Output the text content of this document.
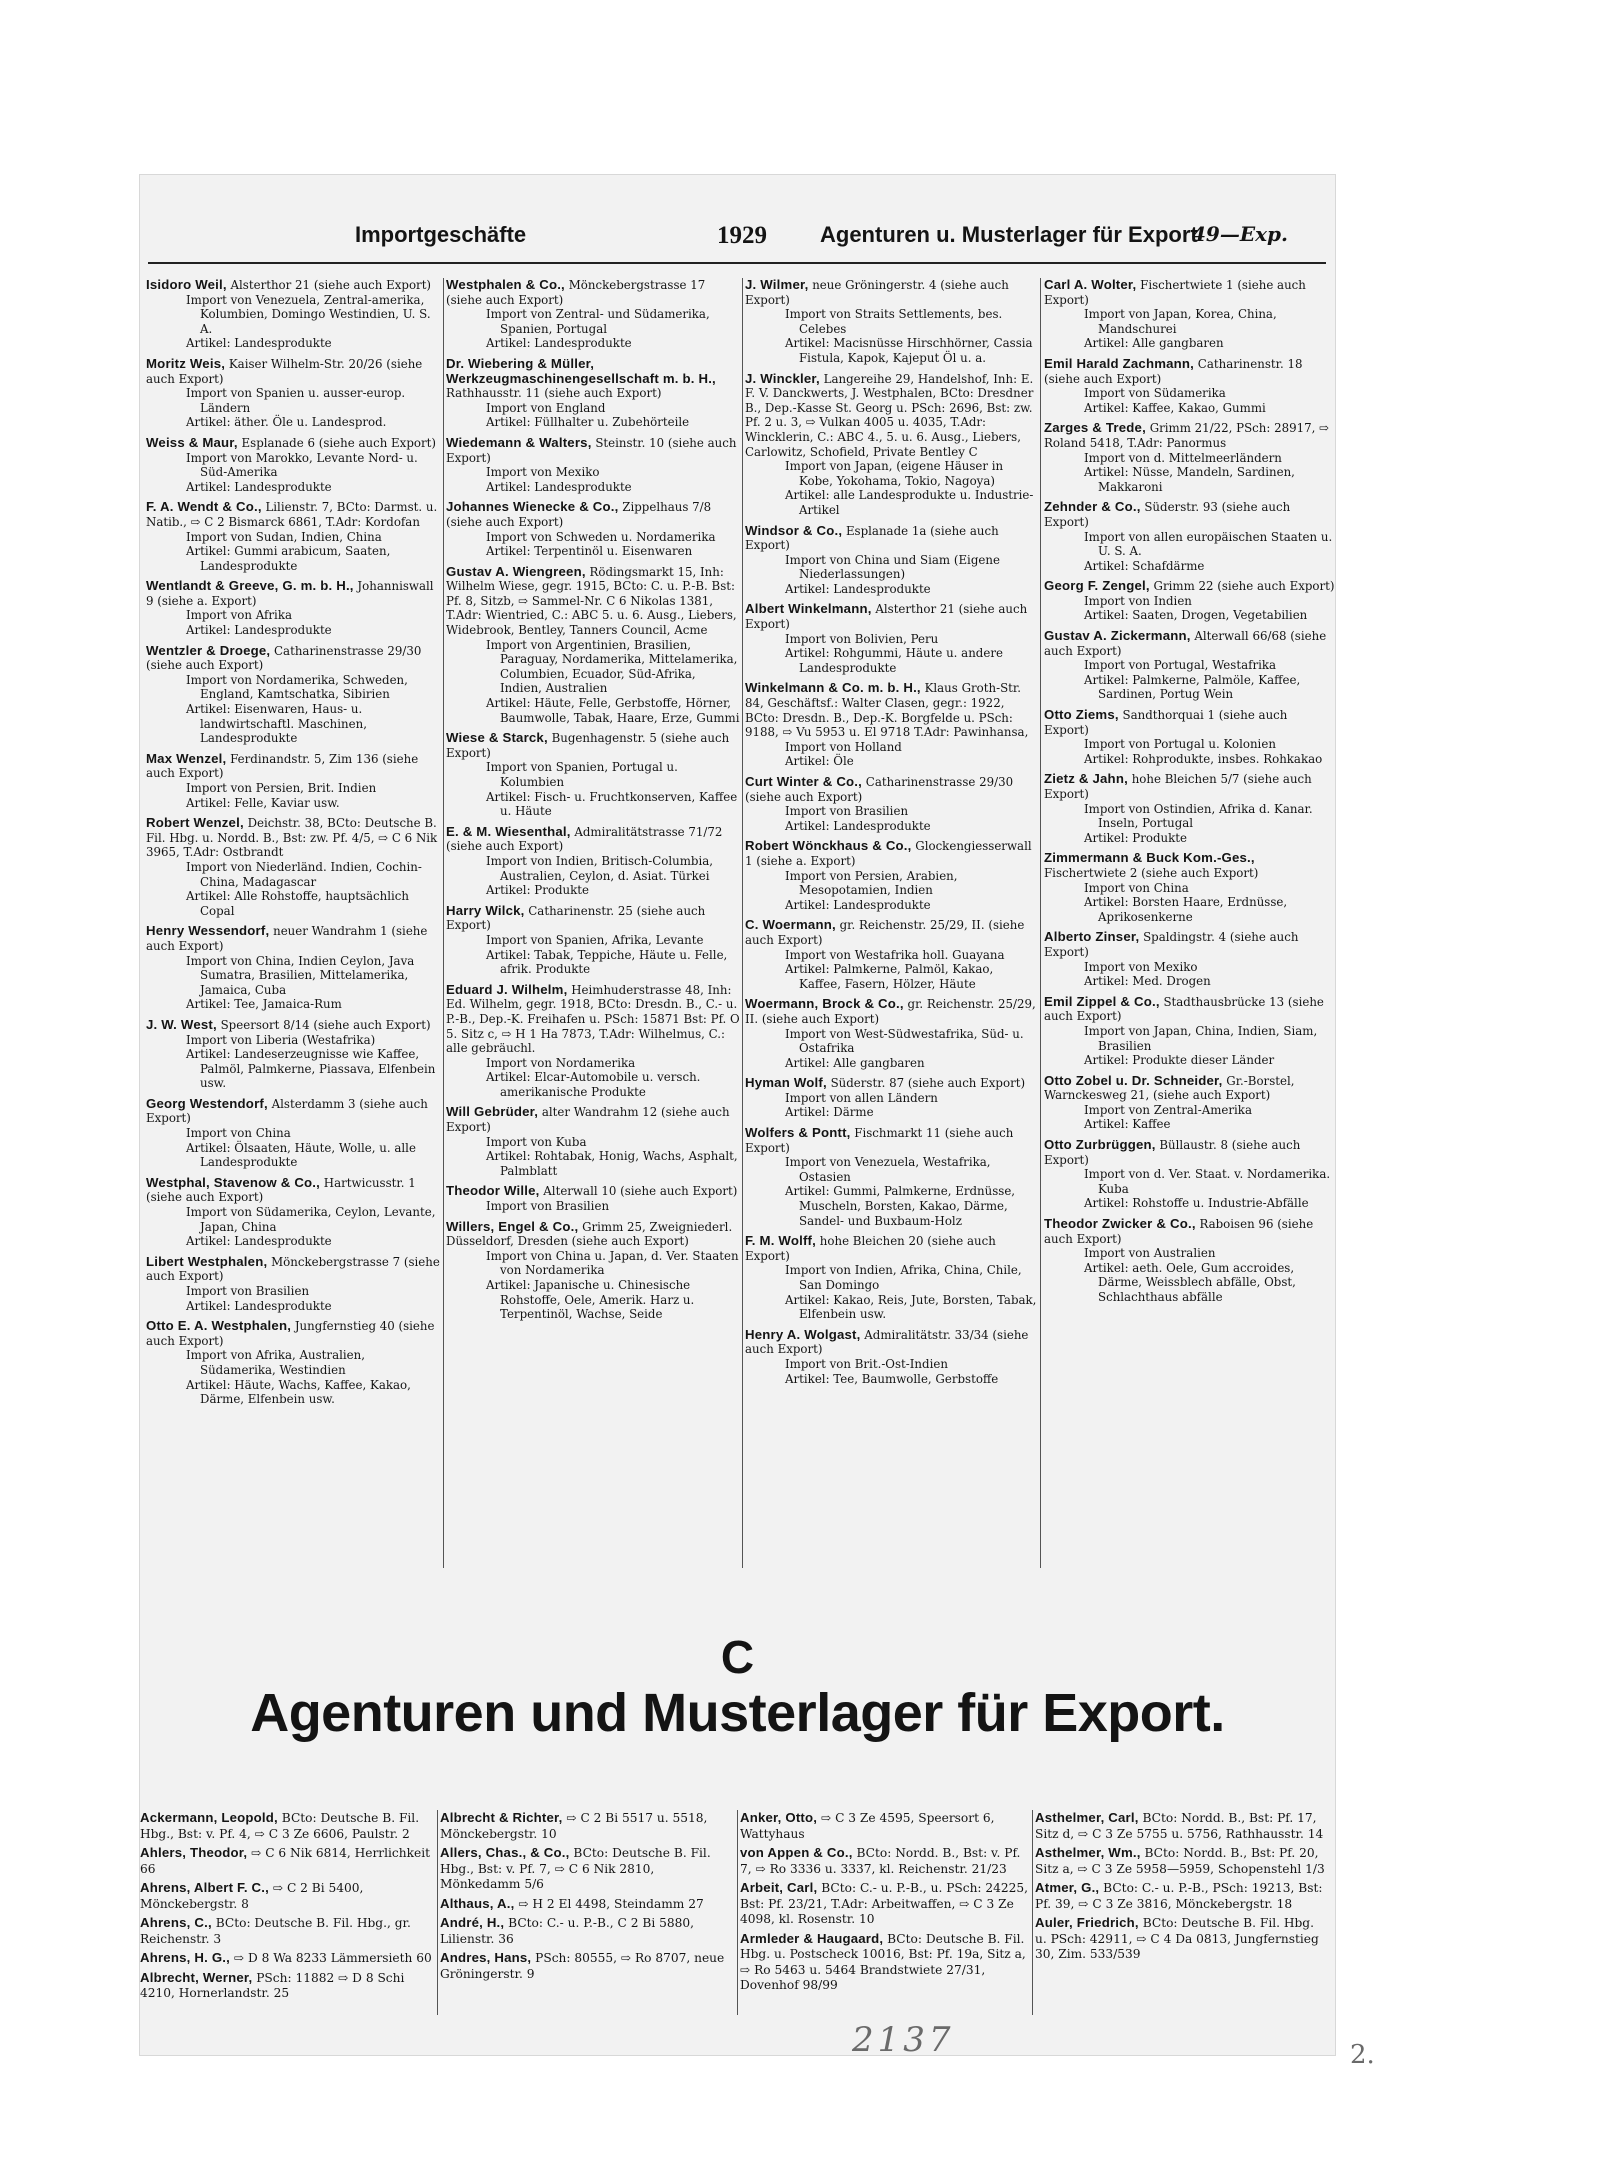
Importgeschäfte	1929 Agenturen u. Musterlager für Export
49—Exp.
Isidoro Weil, Alsterthor 21 (siehe auch Export)
Import von Venezuela, Zentral-amerika, Kolumbien, Domingo Westindien, U. S. A.
Artikel: Landesprodukte
Moritz Weis, Kaiser Wilhelm-Str. 20/26 (siehe auch Export)
Import von Spanien u. ausser-europ. Ländern
Artikel: äther. Öle u. Landesprod.
Weiss & Maur, Esplanade 6 (siehe auch Export)
Import von Marokko, Levante Nord- u. Süd-Amerika
Artikel: Landesprodukte
F. A. Wendt & Co., Lilienstr. 7, BCto: Darmst. u. Natib., ⇨ C 2 Bismarck 6861, T.Adr: Kordofan
Import von Sudan, Indien, China
Artikel: Gummi arabicum, Saaten, Landesprodukte
Wentlandt & Greeve, G. m. b. H., Johanniswall 9 (siehe a. Export)
Import von Afrika
Artikel: Landesprodukte
Wentzler & Droege, Catharinenstrasse 29/30 (siehe auch Export)
Import von Nordamerika, Schweden, England, Kamtschatka, Sibirien
Artikel: Eisenwaren, Haus- u. landwirtschaftl. Maschinen, Landesprodukte
Max Wenzel, Ferdinandstr. 5, Zim 136 (siehe auch Export)
Import von Persien, Brit. Indien
Artikel: Felle, Kaviar usw.
Robert Wenzel, Deichstr. 38, BCto: Deutsche B. Fil. Hbg. u. Nordd. B., Bst: zw. Pf. 4/5, ⇨ C 6 Nik 3965, T.Adr: Ostbrandt
Import von Niederländ. Indien, Cochin-China, Madagascar
Artikel: Alle Rohstoffe, hauptsächlich Copal
Henry Wessendorf, neuer Wandrahm 1 (siehe auch Export)
Import von China, Indien Ceylon, Java Sumatra, Brasilien, Mittelamerika, Jamaica, Cuba
Artikel: Tee, Jamaica-Rum
J. W. West, Speersort 8/14 (siehe auch Export)
Import von Liberia (Westafrika)
Artikel: Landeserzeugnisse wie Kaffee, Palmöl, Palmkerne, Piassava, Elfenbein usw.
Georg Westendorf, Alsterdamm 3 (siehe auch Export)
Import von China
Artikel: Ölsaaten, Häute, Wolle, u. alle Landesprodukte
Westphal, Stavenow & Co., Hartwicusstr. 1 (siehe auch Export)
Import von Südamerika, Ceylon, Levante, Japan, China
Artikel: Landesprodukte
Libert Westphalen, Mönckebergstrasse 7 (siehe auch Export)
Import von Brasilien
Artikel: Landesprodukte
Otto E. A. Westphalen, Jungfernstieg 40 (siehe auch Export)
Import von Afrika, Australien, Südamerika, Westindien
Artikel: Häute, Wachs, Kaffee, Kakao, Därme, Elfenbein usw.
Westphalen & Co., Mönckebergstrasse 17 (siehe auch Export)
Import von Zentral- und Südamerika, Spanien, Portugal
Artikel: Landesprodukte
Dr. Wiebering & Müller, Werkzeugmaschinengesellschaft m. b. H., Rathhausstr. 11 (siehe auch Export)
Import von England
Artikel: Füllhalter u. Zubehörteile
Wiedemann & Walters, Steinstr. 10 (siehe auch Export)
Import von Mexiko
Artikel: Landesprodukte
Johannes Wienecke & Co., Zippelhaus 7/8 (siehe auch Export)
Import von Schweden u. Nordamerika
Artikel: Terpentinöl u. Eisenwaren
Gustav A. Wiengreen, Rödingsmarkt 15, Inh: Wilhelm Wiese, gegr. 1915, BCto: C. u. P.-B. Bst: Pf. 8, Sitzb, ⇨ Sammel-Nr. C 6 Nikolas 1381, T.Adr: Wientried, C.: ABC 5. u. 6. Ausg., Liebers, Widebrook, Bentley, Tanners Council, Acme
Import von Argentinien, Brasilien, Paraguay, Nordamerika, Mittelamerika, Columbien, Ecuador, Süd-Afrika, Indien, Australien
Artikel: Häute, Felle, Gerbstoffe, Hörner, Baumwolle, Tabak, Haare, Erze, Gummi
Wiese & Starck, Bugenhagenstr. 5 (siehe auch Export)
Import von Spanien, Portugal u. Kolumbien
Artikel: Fisch- u. Fruchtkonserven, Kaffee u. Häute
E. & M. Wiesenthal, Admiralitätstrasse 71/72 (siehe auch Export)
Import von Indien, Britisch-Columbia, Australien, Ceylon, d. Asiat. Türkei
Artikel: Produkte
Harry Wilck, Catharinenstr. 25 (siehe auch Export)
Import von Spanien, Afrika, Levante
Artikel: Tabak, Teppiche, Häute u. Felle, afrik. Produkte
Eduard J. Wilhelm, Heimhuderstrasse 48, Inh: Ed. Wilhelm, gegr. 1918, BCto: Dresdn. B., C.- u. P.-B., Dep.-K. Freihafen u. PSch: 15871 Bst: Pf. O 5. Sitz c, ⇨ H 1 Ha 7873, T.Adr: Wilhelmus, C.: alle gebräuchl.
Import von Nordamerika
Artikel: Elcar-Automobile u. versch. amerikanische Produkte
Will Gebrüder, alter Wandrahm 12 (siehe auch Export)
Import von Kuba
Artikel: Rohtabak, Honig, Wachs, Asphalt, Palmblatt
Theodor Wille, Alterwall 10 (siehe auch Export)
Import von Brasilien
Willers, Engel & Co., Grimm 25, Zweigniederl. Düsseldorf, Dresden (siehe auch Export)
Import von China u. Japan, d. Ver. Staaten von Nordamerika
Artikel: Japanische u. Chinesische Rohstoffe, Oele, Amerik. Harz u. Terpentinöl, Wachse, Seide
J. Wilmer, neue Gröningerstr. 4 (siehe auch Export)
Import von Straits Settlements, bes. Celebes
Artikel: Macisnüsse Hirschhörner, Cassia Fistula, Kapok, Kajeput Öl u. a.
J. Winckler, Langereihe 29, Handelshof, Inh: E. F. V. Danckwerts, J. Westphalen, BCto: Dresdner B., Dep.-Kasse St. Georg u. PSch: 2696, Bst: zw. Pf. 2 u. 3, ⇨ Vulkan 4005 u. 4035, T.Adr: Wincklerin, C.: ABC 4., 5. u. 6. Ausg., Liebers, Carlowitz, Schofield, Private Bentley C
Import von Japan, (eigene Häuser in Kobe, Yokohama, Tokio, Nagoya)
Artikel: alle Landesprodukte u. Industrie-Artikel
Windsor & Co., Esplanade 1a (siehe auch Export)
Import von China und Siam (Eigene Niederlassungen)
Artikel: Landesprodukte
Albert Winkelmann, Alsterthor 21 (siehe auch Export)
Import von Bolivien, Peru
Artikel: Rohgummi, Häute u. andere Landesprodukte
Winkelmann & Co. m. b. H., Klaus Groth-Str. 84, Geschäftsf.: Walter Clasen, gegr.: 1922, BCto: Dresdn. B., Dep.-K. Borgfelde u. PSch: 9188, ⇨ Vu 5953 u. El 9718 T.Adr: Pawinhansa,
Import von Holland
Artikel: Öle
Curt Winter & Co., Catharinenstrasse 29/30 (siehe auch Export)
Import von Brasilien
Artikel: Landesprodukte
Robert Wönckhaus & Co., Glockengiesserwall 1 (siehe a. Export)
Import von Persien, Arabien, Mesopotamien, Indien
Artikel: Landesprodukte
C. Woermann, gr. Reichenstr. 25/29, II. (siehe auch Export)
Import von Westafrika holl. Guayana
Artikel: Palmkerne, Palmöl, Kakao, Kaffee, Fasern, Hölzer, Häute
Woermann, Brock & Co., gr. Reichenstr. 25/29, II. (siehe auch Export)
Import von West-Südwestafrika, Süd- u. Ostafrika
Artikel: Alle gangbaren
Hyman Wolf, Süderstr. 87 (siehe auch Export)
Import von allen Ländern
Artikel: Därme
Wolfers & Pontt, Fischmarkt 11 (siehe auch Export)
Import von Venezuela, Westafrika, Ostasien
Artikel: Gummi, Palmkerne, Erdnüsse, Muscheln, Borsten, Kakao, Därme, Sandel- und Buxbaum-Holz
F. M. Wolff, hohe Bleichen 20 (siehe auch Export)
Import von Indien, Afrika, China, Chile, San Domingo
Artikel: Kakao, Reis, Jute, Borsten, Tabak, Elfenbein usw.
Henry A. Wolgast, Admiralitätstr. 33/34 (siehe auch Export)
Import von Brit.-Ost-Indien
Artikel: Tee, Baumwolle, Gerbstoffe
Carl A. Wolter, Fischertwiete 1 (siehe auch Export)
Import von Japan, Korea, China, Mandschurei
Artikel: Alle gangbaren
Emil Harald Zachmann, Catharinenstr. 18 (siehe auch Export)
Import von Südamerika
Artikel: Kaffee, Kakao, Gummi
Zarges & Trede, Grimm 21/22, PSch: 28917, ⇨ Roland 5418, T.Adr: Panormus
Import von d. Mittelmeerländern
Artikel: Nüsse, Mandeln, Sardinen, Makkaroni
Zehnder & Co., Süderstr. 93 (siehe auch Export)
Import von allen europäischen Staaten u. U. S. A.
Artikel: Schafdärme
Georg F. Zengel, Grimm 22 (siehe auch Export)
Import von Indien
Artikel: Saaten, Drogen, Vegetabilien
Gustav A. Zickermann, Alterwall 66/68 (siehe auch Export)
Import von Portugal, Westafrika
Artikel: Palmkerne, Palmöle, Kaffee, Sardinen, Portug Wein
Otto Ziems, Sandthorquai 1 (siehe auch Export)
Import von Portugal u. Kolonien
Artikel: Rohprodukte, insbes. Rohkakao
Zietz & Jahn, hohe Bleichen 5/7 (siehe auch Export)
Import von Ostindien, Afrika d. Kanar. Inseln, Portugal
Artikel: Produkte
Zimmermann & Buck Kom.-Ges., Fischertwiete 2 (siehe auch Export)
Import von China
Artikel: Borsten Haare, Erdnüsse, Aprikosenkerne
Alberto Zinser, Spaldingstr. 4 (siehe auch Export)
Import von Mexiko
Artikel: Med. Drogen
Emil Zippel & Co., Stadthausbrücke 13 (siehe auch Export)
Import von Japan, China, Indien, Siam, Brasilien
Artikel: Produkte dieser Länder
Otto Zobel u. Dr. Schneider, Gr.-Borstel, Warnckesweg 21, (siehe auch Export)
Import von Zentral-Amerika
Artikel: Kaffee
Otto Zurbrüggen, Büllaustr. 8 (siehe auch Export)
Import von d. Ver. Staat. v. Nordamerika. Kuba
Artikel: Rohstoffe u. Industrie-Abfälle
Theodor Zwicker & Co., Raboisen 96 (siehe auch Export)
Import von Australien
Artikel: aeth. Oele, Gum accroides, Därme, Weissblech abfälle, Obst, Schlachthaus abfälle
C
Agenturen und Musterlager für Export.
Ackermann, Leopold, BCto: Deutsche B. Fil. Hbg., Bst: v. Pf. 4, ⇨ C 3 Ze 6606, Paulstr. 2
Ahlers, Theodor, ⇨ C 6 Nik 6814, Herrlichkeit 66
Ahrens, Albert F. C., ⇨ C 2 Bi 5400, Mönckebergstr. 8
Ahrens, C., BCto: Deutsche B. Fil. Hbg., gr. Reichenstr. 3
Ahrens, H. G., ⇨ D 8 Wa 8233 Lämmersieth 60
Albrecht, Werner, PSch: 11882 ⇨ D 8 Schi 4210, Hornerlandstr. 25
Albrecht & Richter, ⇨ C 2 Bi 5517 u. 5518, Mönckebergstr. 10
Allers, Chas., & Co., BCto: Deutsche B. Fil. Hbg., Bst: v. Pf. 7, ⇨ C 6 Nik 2810, Mönkedamm 5/6
Althaus, A., ⇨ H 2 El 4498, Steindamm 27
André, H., BCto: C.- u. P.-B., C 2 Bi 5880, Lilienstr. 36
Andres, Hans, PSch: 80555, ⇨ Ro 8707, neue Gröningerstr. 9
Anker, Otto, ⇨ C 3 Ze 4595, Speersort 6, Wattyhaus
von Appen & Co., BCto: Nordd. B., Bst: v. Pf. 7, ⇨ Ro 3336 u. 3337, kl. Reichenstr. 21/23
Arbeit, Carl, BCto: C.- u. P.-B., u. PSch: 24225, Bst: Pf. 23/21, T.Adr: Arbeitwaffen, ⇨ C 3 Ze 4098, kl. Rosenstr. 10
Armleder & Haugaard, BCto: Deutsche B. Fil. Hbg. u. Postscheck 10016, Bst: Pf. 19a, Sitz a, ⇨ Ro 5463 u. 5464 Brandstwiete 27/31, Dovenhof 98/99
Asthelmer, Carl, BCto: Nordd. B., Bst: Pf. 17, Sitz d, ⇨ C 3 Ze 5755 u. 5756, Rathhausstr. 14
Asthelmer, Wm., BCto: Nordd. B., Bst: Pf. 20, Sitz a, ⇨ C 3 Ze 5958—5959, Schopenstehl 1/3
Atmer, G., BCto: C.- u. P.-B., PSch: 19213, Bst: Pf. 39, ⇨ C 3 Ze 3816, Mönckebergstr. 18
Auler, Friedrich, BCto: Deutsche B. Fil. Hbg. u. PSch: 42911, ⇨ C 4 Da 0813, Jungfernstieg 30, Zim. 533/539
2137	2.
